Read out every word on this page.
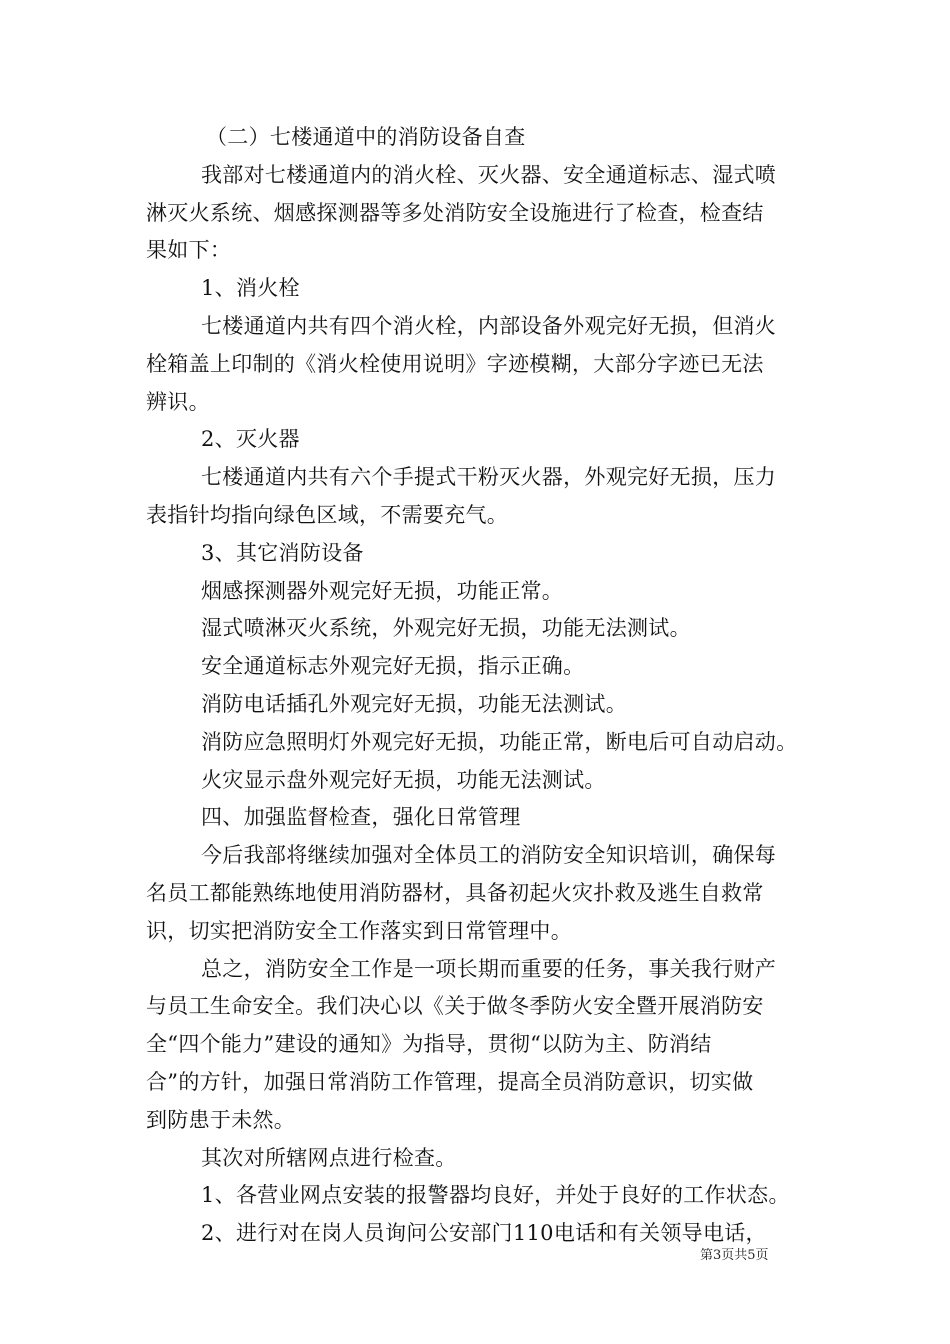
（二）七楼通道中的消防设备自查
我部对七楼通道内的消火栓、灭火器、安全通道标志、湿式喷
淋灭火系统、烟感探测器等多处消防安全设施进行了检查，检查结
果如下：
1、消火栓
七楼通道内共有四个消火栓，内部设备外观完好无损，但消火
栓箱盖上印制的《消火栓使用说明》字迹模糊，大部分字迹已无法
辨识。
2、灭火器
七楼通道内共有六个手提式干粉灭火器，外观完好无损，压力
表指针均指向绿色区域，不需要充气。
3、其它消防设备
烟感探测器外观完好无损，功能正常。
湿式喷淋灭火系统，外观完好无损，功能无法测试。
安全通道标志外观完好无损，指示正确。
消防电话插孔外观完好无损，功能无法测试。
消防应急照明灯外观完好无损，功能正常，断电后可自动启动。
火灾显示盘外观完好无损，功能无法测试。
四、加强监督检查，强化日常管理
今后我部将继续加强对全体员工的消防安全知识培训，确保每
名员工都能熟练地使用消防器材，具备初起火灾扑救及逃生自救常
识，切实把消防安全工作落实到日常管理中。
总之，消防安全工作是一项长期而重要的任务，事关我行财产
与员工生命安全。我们决心以《关于做冬季防火安全暨开展消防安
全“四个能力”建设的通知》为指导，贯彻“以防为主、防消结
合”的方针，加强日常消防工作管理，提高全员消防意识，切实做
到防患于未然。
其次对所辖网点进行检查。
1、各营业网点安装的报警器均良好，并处于良好的工作状态。
2、进行对在岗人员询问公安部门110电话和有关领导电话，
第3页共5页
